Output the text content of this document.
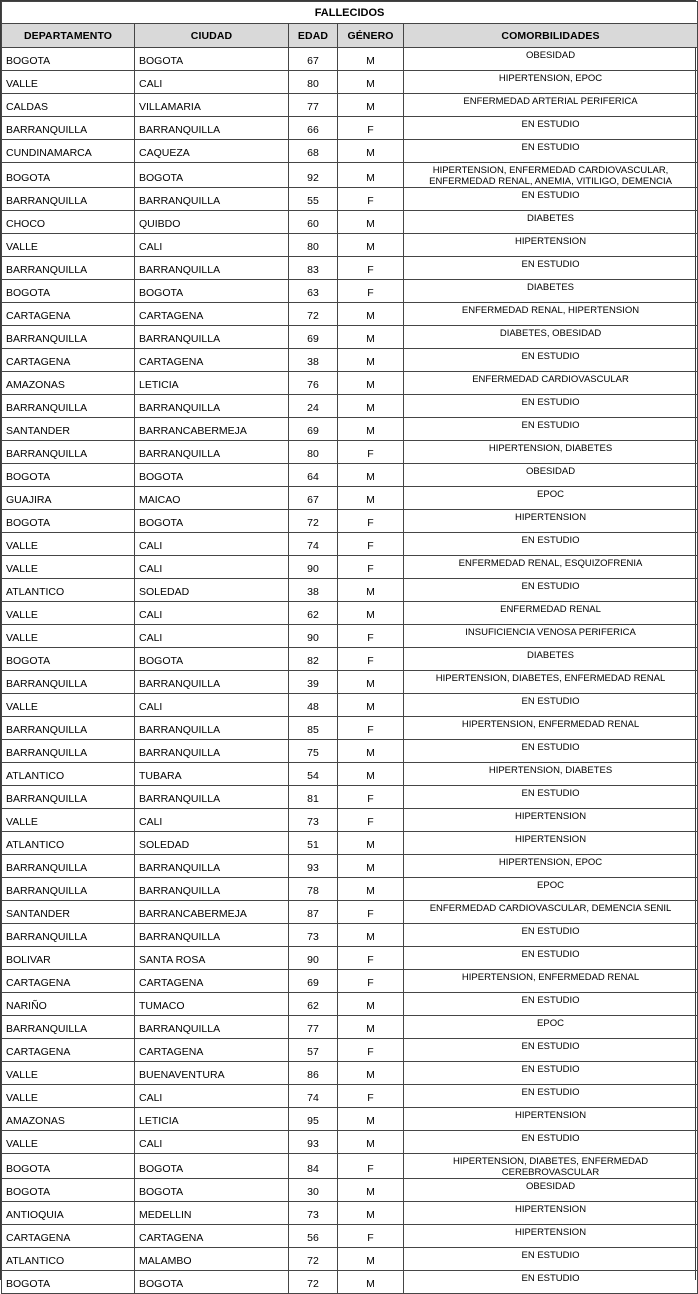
FALLECIDOS				
DEPARTAMENTO	CIUDAD	EDAD	GÉNERO	COMORBILIDADES
BOGOTA	BOGOTA	67	M	OBESIDAD
VALLE	CALI	80	M	HIPERTENSION, EPOC
CALDAS	VILLAMARIA	77	M	ENFERMEDAD ARTERIAL PERIFERICA
BARRANQUILLA	BARRANQUILLA	66	F	EN ESTUDIO
CUNDINAMARCA	CAQUEZA	68	M	EN ESTUDIO
BOGOTA	BOGOTA	92	M	HIPERTENSION, ENFERMEDAD CARDIOVASCULAR, ENFERMEDAD RENAL, ANEMIA, VITILIGO, DEMENCIA
BARRANQUILLA	BARRANQUILLA	55	F	EN ESTUDIO
CHOCO	QUIBDO	60	M	DIABETES
VALLE	CALI	80	M	HIPERTENSION
BARRANQUILLA	BARRANQUILLA	83	F	EN ESTUDIO
BOGOTA	BOGOTA	63	F	DIABETES
CARTAGENA	CARTAGENA	72	M	ENFERMEDAD RENAL, HIPERTENSION
BARRANQUILLA	BARRANQUILLA	69	M	DIABETES, OBESIDAD
CARTAGENA	CARTAGENA	38	M	EN ESTUDIO
AMAZONAS	LETICIA	76	M	ENFERMEDAD CARDIOVASCULAR
BARRANQUILLA	BARRANQUILLA	24	M	EN ESTUDIO
SANTANDER	BARRANCABERMEJA	69	M	EN ESTUDIO
BARRANQUILLA	BARRANQUILLA	80	F	HIPERTENSION, DIABETES
BOGOTA	BOGOTA	64	M	OBESIDAD
GUAJIRA	MAICAO	67	M	EPOC
BOGOTA	BOGOTA	72	F	HIPERTENSION
VALLE	CALI	74	F	EN ESTUDIO
VALLE	CALI	90	F	ENFERMEDAD RENAL, ESQUIZOFRENIA
ATLANTICO	SOLEDAD	38	M	EN ESTUDIO
VALLE	CALI	62	M	ENFERMEDAD RENAL
VALLE	CALI	90	F	INSUFICIENCIA VENOSA PERIFERICA
BOGOTA	BOGOTA	82	F	DIABETES
BARRANQUILLA	BARRANQUILLA	39	M	HIPERTENSION, DIABETES, ENFERMEDAD RENAL
VALLE	CALI	48	M	EN ESTUDIO
BARRANQUILLA	BARRANQUILLA	85	F	HIPERTENSION, ENFERMEDAD RENAL
BARRANQUILLA	BARRANQUILLA	75	M	EN ESTUDIO
ATLANTICO	TUBARA	54	M	HIPERTENSION, DIABETES
BARRANQUILLA	BARRANQUILLA	81	F	EN ESTUDIO
VALLE	CALI	73	F	HIPERTENSION
ATLANTICO	SOLEDAD	51	M	HIPERTENSION
BARRANQUILLA	BARRANQUILLA	93	M	HIPERTENSION, EPOC
BARRANQUILLA	BARRANQUILLA	78	M	EPOC
SANTANDER	BARRANCABERMEJA	87	F	ENFERMEDAD CARDIOVASCULAR, DEMENCIA SENIL
BARRANQUILLA	BARRANQUILLA	73	M	EN ESTUDIO
BOLIVAR	SANTA ROSA	90	F	EN ESTUDIO
CARTAGENA	CARTAGENA	69	F	HIPERTENSION, ENFERMEDAD RENAL
NARIÑO	TUMACO	62	M	EN ESTUDIO
BARRANQUILLA	BARRANQUILLA	77	M	EPOC
CARTAGENA	CARTAGENA	57	F	EN ESTUDIO
VALLE	BUENAVENTURA	86	M	EN ESTUDIO
VALLE	CALI	74	F	EN ESTUDIO
AMAZONAS	LETICIA	95	M	HIPERTENSION
VALLE	CALI	93	M	EN ESTUDIO
BOGOTA	BOGOTA	84	F	HIPERTENSION, DIABETES, ENFERMEDAD CEREBROVASCULAR
BOGOTA	BOGOTA	30	M	OBESIDAD
ANTIOQUIA	MEDELLIN	73	M	HIPERTENSION
CARTAGENA	CARTAGENA	56	F	HIPERTENSION
ATLANTICO	MALAMBO	72	M	EN ESTUDIO
BOGOTA	BOGOTA	72	M	EN ESTUDIO
